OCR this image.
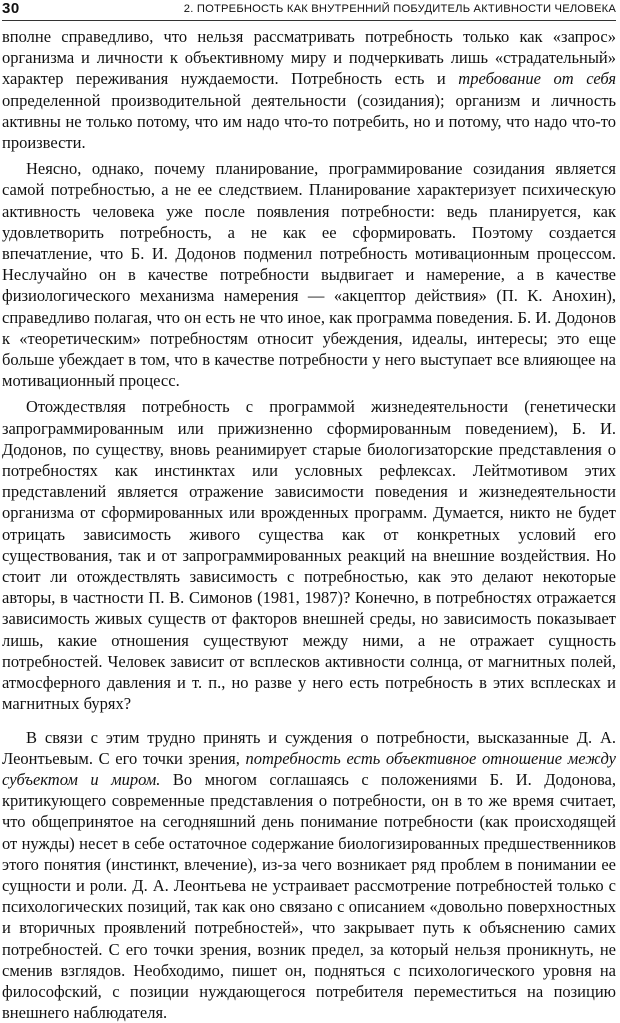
30	2. ПОТРЕБНОСТЬ КАК ВНУТРЕННИЙ ПОБУДИТЕЛЬ АКТИВНОСТИ ЧЕЛОВЕКА

вполне справедливо, что нельзя рассматривать потребность только как «запрос» организма и личности к объективному миру и подчеркивать лишь «страдательный» характер переживания нуждаемости. Потребность есть и требование от себя определенной производительной деятельности (созидания); организм и личность активны не только потому, что им надо что-то потребить, но и потому, что надо что-то произвести.

Неясно, однако, почему планирование, программирование созидания является самой потребностью, а не ее следствием. Планирование характеризует психическую активность человека уже после появления потребности: ведь планируется, как удовлетворить потребность, а не как ее сформировать. Поэтому создается впечатление, что Б. И. Додонов подменил потребность мотивационным процессом. Неслучайно он в качестве потребности выдвигает и намерение, а в качестве физиологического механизма намерения — «акцептор действия» (П. К. Анохин), справедливо полагая, что он есть не что иное, как программа поведения. Б. И. Додонов к «теоретическим» потребностям относит убеждения, идеалы, интересы; это еще больше убеждает в том, что в качестве потребности у него выступает все влияющее на мотивационный процесс.

Отождествляя потребность с программой жизнедеятельности (генетически запрограммированным или прижизненно сформированным поведением), Б. И. Додонов, по существу, вновь реанимирует старые биологизаторские представления о потребностях как инстинктах или условных рефлексах. Лейтмотивом этих представлений является отражение зависимости поведения и жизнедеятельности организма от сформированных или врожденных программ. Думается, никто не будет отрицать зависимость живого существа как от конкретных условий его существования, так и от запрограммированных реакций на внешние воздействия. Но стоит ли отождествлять зависимость с потребностью, как это делают некоторые авторы, в частности П. В. Симонов (1981, 1987)? Конечно, в потребностях отражается зависимость живых существ от факторов внешней среды, но зависимость показывает лишь, какие отношения существуют между ними, а не отражает сущность потребностей. Человек зависит от всплесков активности солнца, от магнитных полей, атмосферного давления и т. п., но разве у него есть потребность в этих всплесках и магнитных бурях?

В связи с этим трудно принять и суждения о потребности, высказанные Д. А. Леонтьевым. С его точки зрения, потребность есть объективное отношение между субъектом и миром. Во многом соглашаясь с положениями Б. И. Додонова, критикующего современные представления о потребности, он в то же время считает, что общепринятое на сегодняшний день понимание потребности (как происходящей от нужды) несет в себе остаточное содержание биологизированных предшественников этого понятия (инстинкт, влечение), из-за чего возникает ряд проблем в понимании ее сущности и роли. Д. А. Леонтьева не устраивает рассмотрение потребностей только с психологических позиций, так как оно связано с описанием «довольно поверхностных и вторичных проявлений потребностей», что закрывает путь к объяснению самих потребностей. С его точки зрения, возник предел, за который нельзя проникнуть, не сменив взглядов. Необходимо, пишет он, подняться с психологического уровня на философский, с позиции нуждающегося потребителя переместиться на позицию внешнего наблюдателя.
